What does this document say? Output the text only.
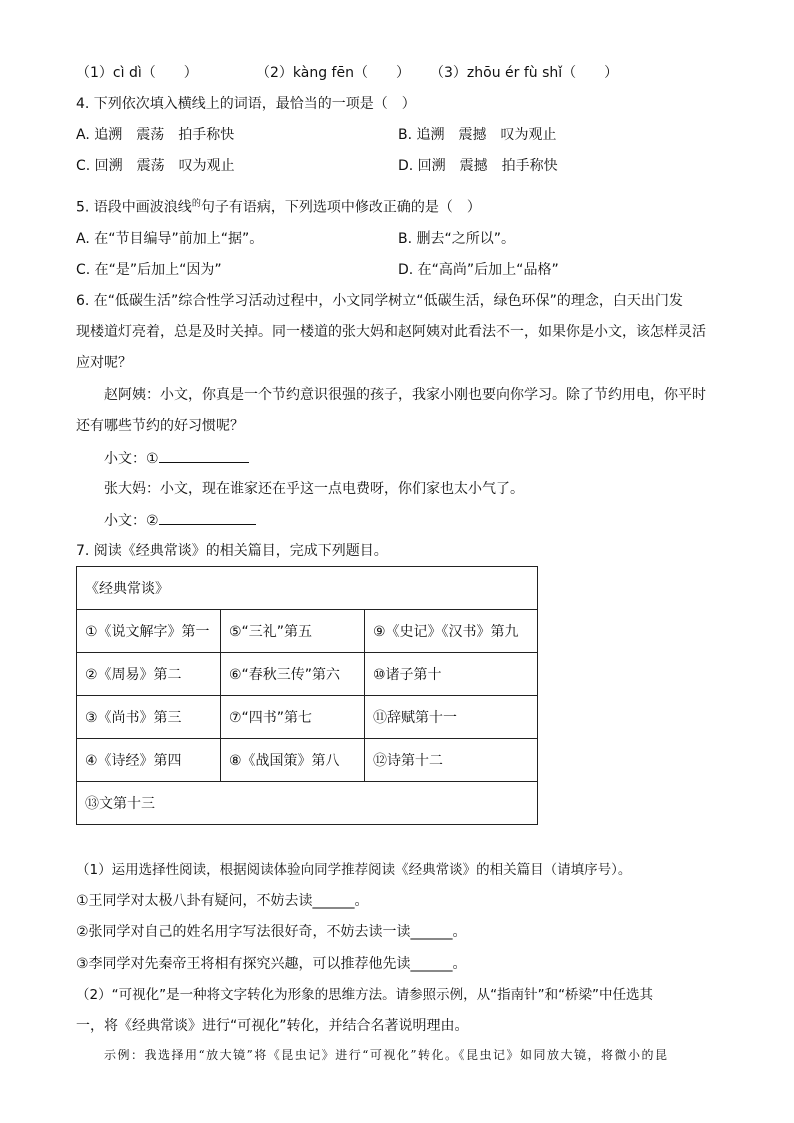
（1）cì dì（　　）	（2）kàng fēn（　　） （3）zhōu ér fù shǐ（　　）
4. 下列依次填入横线上的词语，最恰当的一项是（　）
A. 追溯　震荡　拍手称快	B. 追溯　震撼　叹为观止
C. 回溯　震荡　叹为观止	D. 回溯　震撼　拍手称快
5. 语段中画波浪线$^的$句子有语病，下列选项中修改正确的是（　）
A. 在“节目编导”前加上“据”。	B. 删去“之所以”。
C. 在“是”后加上“因为”	D. 在“高尚”后加上“品格”
6. 在“低碳生活”综合性学习活动过程中，小文同学树立“低碳生活，绿色环保”的理念，白天出门发
现楼道灯亮着，总是及时关掉。同一楼道的张大妈和赵阿姨对此看法不一，如果你是小文，该怎样灵活
应对呢？
赵阿姨：小文，你真是一个节约意识很强的孩子，我家小刚也要向你学习。除了节约用电，你平时
还有哪些节约的好习惯呢？
小文：①
张大妈：小文，现在谁家还在乎这一点电费呀，你们家也太小气了。
小文：②
7. 阅读《经典常谈》的相关篇目，完成下列题目。
《经典常谈》		
①《说文解字》第一	⑤“三礼”第五	⑨《史记》《汉书》第九
②《周易》第二	⑥“春秋三传”第六	⑩诸子第十
③《尚书》第三	⑦“四书”第七	⑪辞赋第十一
④《诗经》第四	⑧《战国策》第八	⑫诗第十二
⑬文第十三		
（1）运用选择性阅读，根据阅读体验向同学推荐阅读《经典常谈》的相关篇目（请填序号）。
①王同学对太极八卦有疑问，不妨去读______。
②张同学对自己的姓名用字写法很好奇，不妨去读一读______。
③李同学对先秦帝王将相有探究兴趣，可以推荐他先读______。
（2）“可视化”是一种将文字转化为形象的思维方法。请参照示例，从“指南针”和“桥梁”中任选其
一，将《经典常谈》进行“可视化”转化，并结合名著说明理由。
示例：我选择用“放大镜”将《昆虫记》进行“可视化”转化。《昆虫记》如同放大镜，将微小的昆
